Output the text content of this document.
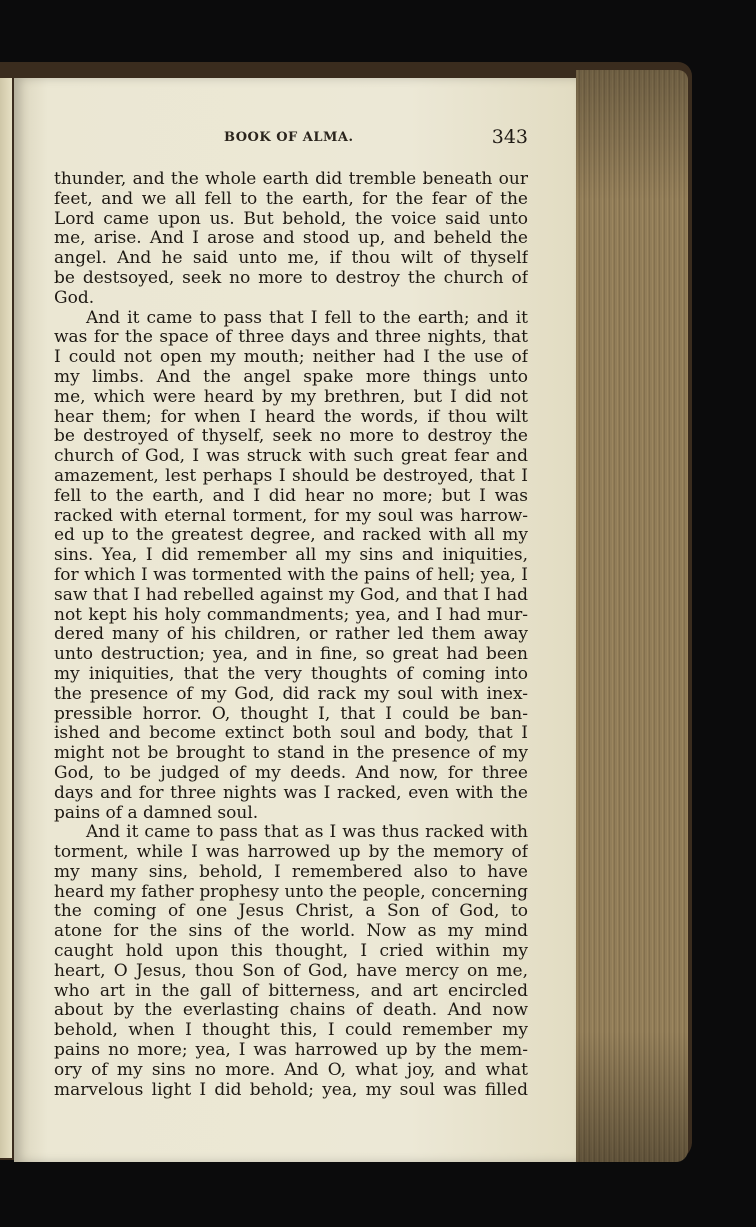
BOOK OF ALMA.	343
thunder, and the whole earth did tremble beneath our
feet, and we all fell to the earth, for the fear of the
Lord came upon us. But behold, the voice said unto
me, arise. And I arose and stood up, and beheld the
angel. And he said unto me, if thou wilt of thyself
be destsoyed, seek no more to destroy the church of
God.
And it came to pass that I fell to the earth; and it
was for the space of three days and three nights, that
I could not open my mouth; neither had I the use of
my limbs. And the angel spake more things unto
me, which were heard by my brethren, but I did not
hear them; for when I heard the words, if thou wilt
be destroyed of thyself, seek no more to destroy the
church of God, I was struck with such great fear and
amazement, lest perhaps I should be destroyed, that I
fell to the earth, and I did hear no more; but I was
racked with eternal torment, for my soul was harrow-
ed up to the greatest degree, and racked with all my
sins. Yea, I did remember all my sins and iniquities,
for which I was tormented with the pains of hell; yea, I
saw that I had rebelled against my God, and that I had
not kept his holy commandments; yea, and I had mur-
dered many of his children, or rather led them away
unto destruction; yea, and in fine, so great had been
my iniquities, that the very thoughts of coming into
the presence of my God, did rack my soul with inex-
pressible horror. O, thought I, that I could be ban-
ished and become extinct both soul and body, that I
might not be brought to stand in the presence of my
God, to be judged of my deeds. And now, for three
days and for three nights was I racked, even with the
pains of a damned soul.
And it came to pass that as I was thus racked with
torment, while I was harrowed up by the memory of
my many sins, behold, I remembered also to have
heard my father prophesy unto the people, concerning
the coming of one Jesus Christ, a Son of God, to
atone for the sins of the world. Now as my mind
caught hold upon this thought, I cried within my
heart, O Jesus, thou Son of God, have mercy on me,
who art in the gall of bitterness, and art encircled
about by the everlasting chains of death. And now
behold, when I thought this, I could remember my
pains no more; yea, I was harrowed up by the mem-
ory of my sins no more. And O, what joy, and what
marvelous light I did behold; yea, my soul was filled
